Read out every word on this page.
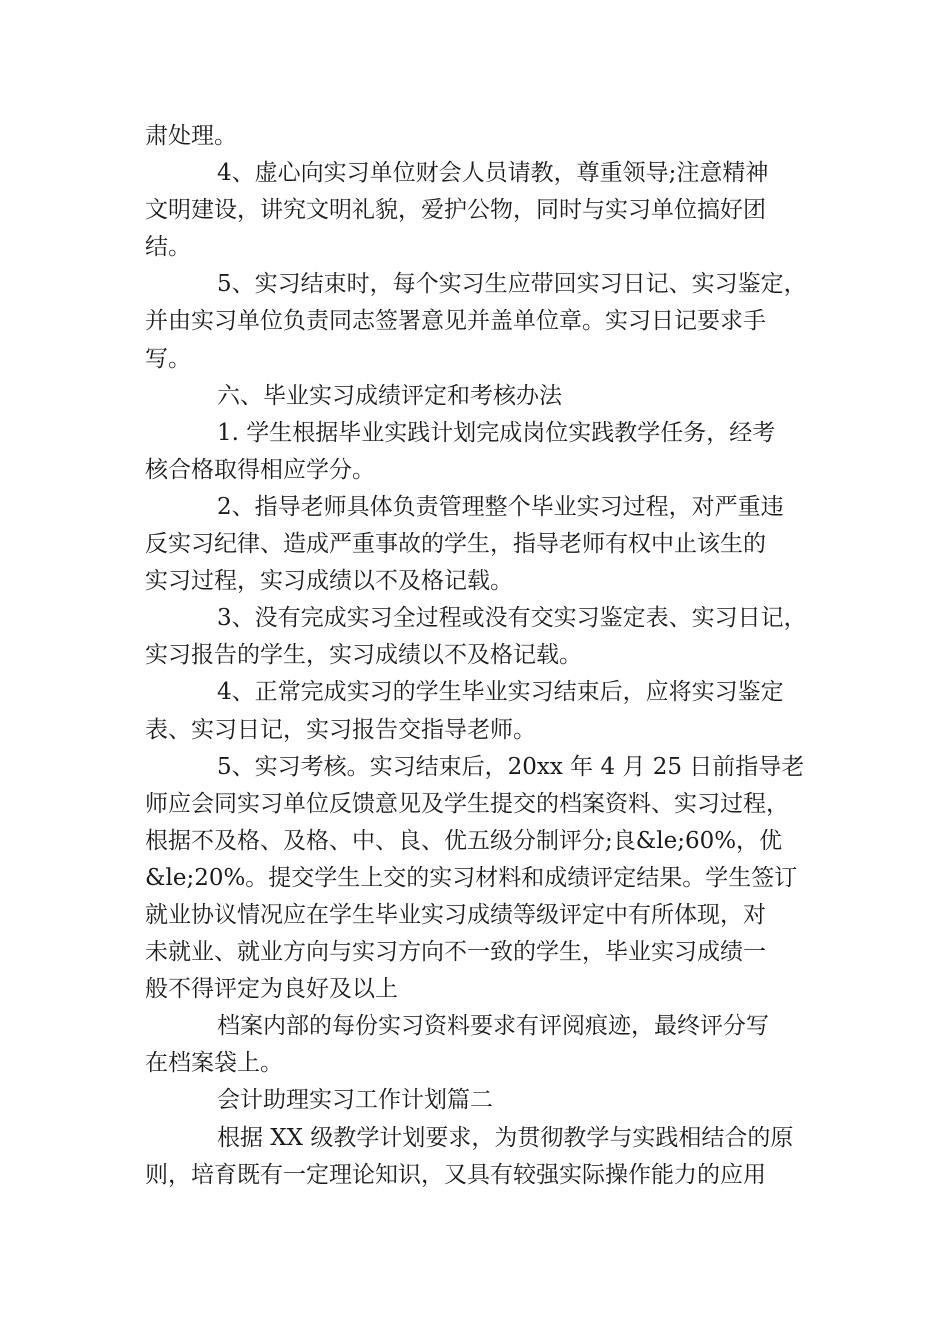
肃处理。
4、虚心向实习单位财会人员请教，尊重领导;注意精神
文明建设，讲究文明礼貌，爱护公物，同时与实习单位搞好团
结。
5、实习结束时，每个实习生应带回实习日记、实习鉴定，
并由实习单位负责同志签署意见并盖单位章。实习日记要求手
写。
六、毕业实习成绩评定和考核办法
1. 学生根据毕业实践计划完成岗位实践教学任务，经考
核合格取得相应学分。
2、指导老师具体负责管理整个毕业实习过程，对严重违
反实习纪律、造成严重事故的学生，指导老师有权中止该生的
实习过程，实习成绩以不及格记载。
3、没有完成实习全过程或没有交实习鉴定表、实习日记，
实习报告的学生，实习成绩以不及格记载。
4、正常完成实习的学生毕业实习结束后，应将实习鉴定
表、实习日记，实习报告交指导老师。
5、实习考核。实习结束后，20xx 年 4 月 25 日前指导老
师应会同实习单位反馈意见及学生提交的档案资料、实习过程，
根据不及格、及格、中、良、优五级分制评分;良&le;60%，优
&le;20%。提交学生上交的实习材料和成绩评定结果。学生签订
就业协议情况应在学生毕业实习成绩等级评定中有所体现，对
未就业、就业方向与实习方向不一致的学生，毕业实习成绩一
般不得评定为良好及以上
档案内部的每份实习资料要求有评阅痕迹，最终评分写
在档案袋上。
会计助理实习工作计划篇二
根据 XX 级教学计划要求，为贯彻教学与实践相结合的原
则，培育既有一定理论知识，又具有较强实际操作能力的应用
